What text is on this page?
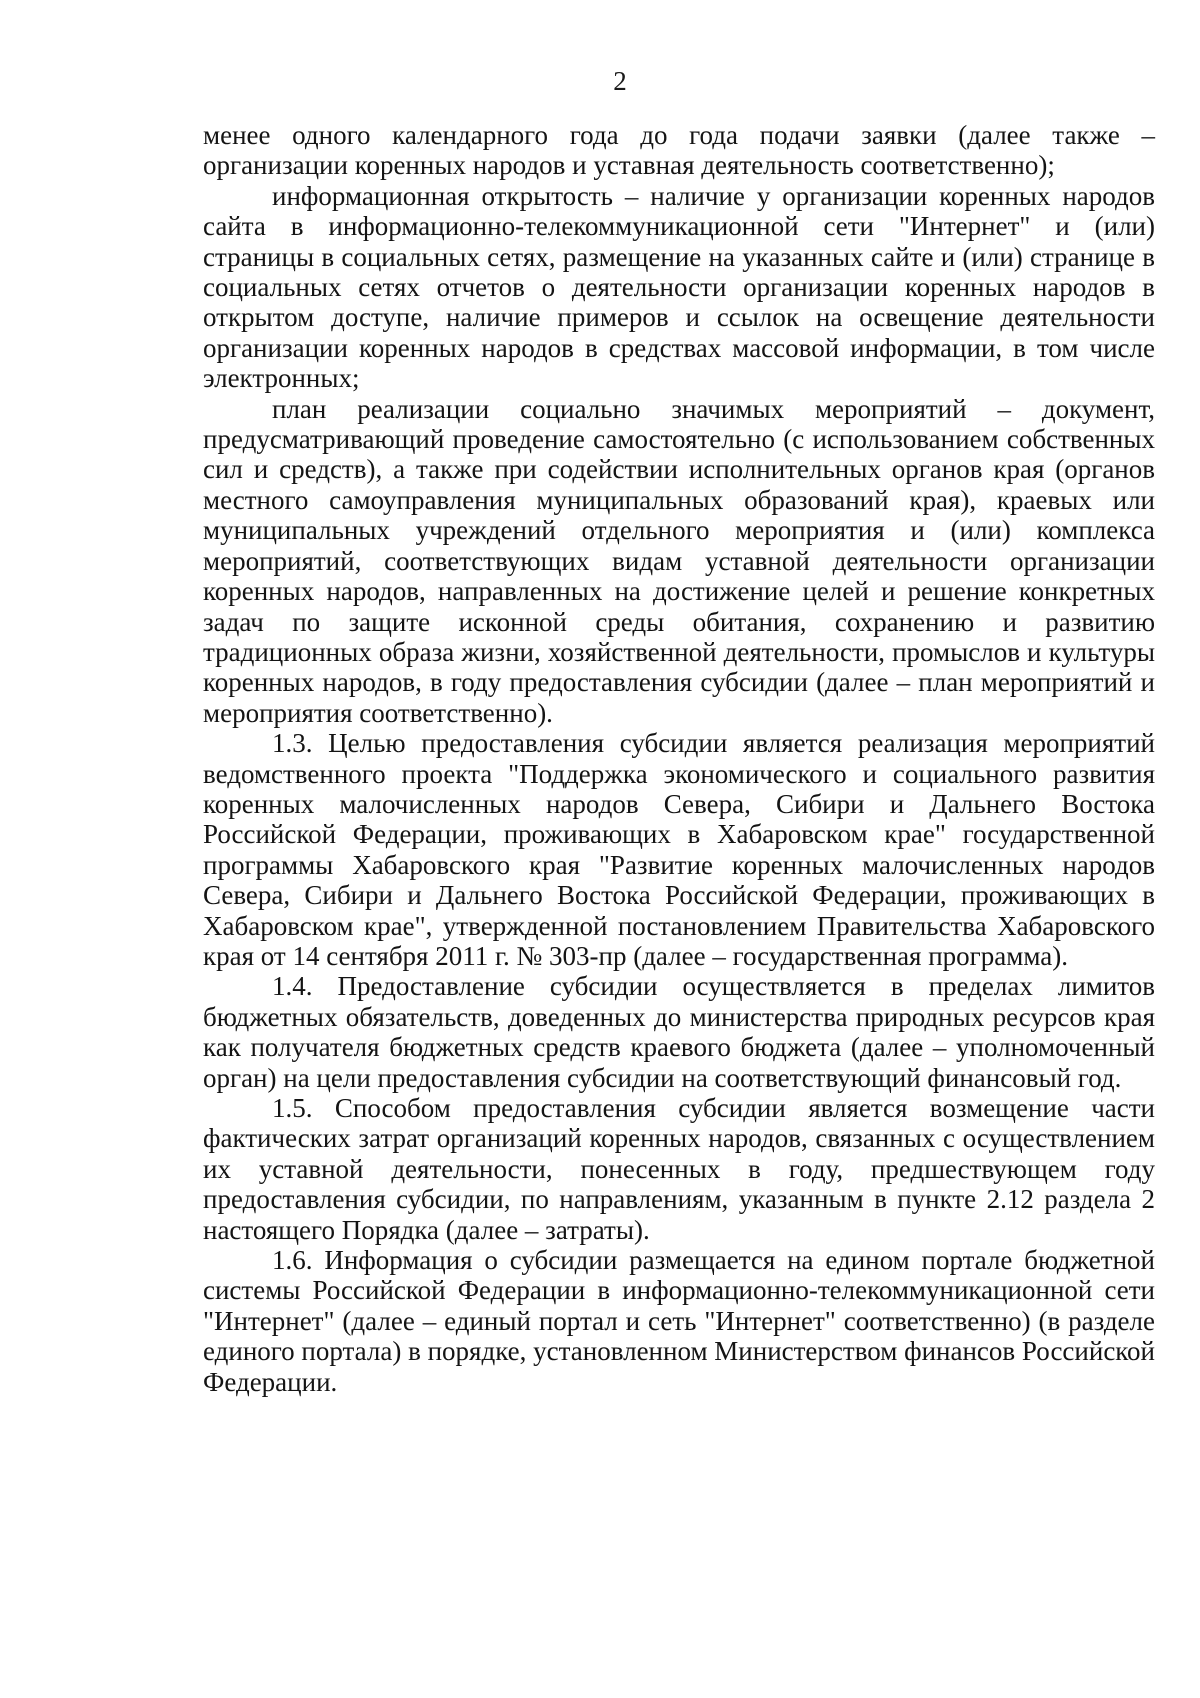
2

менее одного календарного года до года подачи заявки (далее также – организации коренных народов и уставная деятельность соответственно);

информационная открытость – наличие у организации коренных народов сайта в информационно-телекоммуникационной сети "Интернет" и (или) страницы в социальных сетях, размещение на указанных сайте и (или) странице в социальных сетях отчетов о деятельности организации коренных народов в открытом доступе, наличие примеров и ссылок на освещение деятельности организации коренных народов в средствах массовой информации, в том числе электронных;

план реализации социально значимых мероприятий – документ, предусматривающий проведение самостоятельно (с использованием собственных сил и средств), а также при содействии исполнительных органов края (органов местного самоуправления муниципальных образований края), краевых или муниципальных учреждений отдельного мероприятия и (или) комплекса мероприятий, соответствующих видам уставной деятельности организации коренных народов, направленных на достижение целей и решение конкретных задач по защите исконной среды обитания, сохранению и развитию традиционных образа жизни, хозяйственной деятельности, промыслов и культуры коренных народов, в году предоставления субсидии (далее – план мероприятий и мероприятия соответственно).

1.3. Целью предоставления субсидии является реализация мероприятий ведомственного проекта "Поддержка экономического и социального развития коренных малочисленных народов Севера, Сибири и Дальнего Востока Российской Федерации, проживающих в Хабаровском крае" государственной программы Хабаровского края "Развитие коренных малочисленных народов Севера, Сибири и Дальнего Востока Российской Федерации, проживающих в Хабаровском крае", утвержденной постановлением Правительства Хабаровского края от 14 сентября 2011 г. № 303-пр (далее – государственная программа).

1.4. Предоставление субсидии осуществляется в пределах лимитов бюджетных обязательств, доведенных до министерства природных ресурсов края как получателя бюджетных средств краевого бюджета (далее – уполномоченный орган) на цели предоставления субсидии на соответствующий финансовый год.

1.5. Способом предоставления субсидии является возмещение части фактических затрат организаций коренных народов, связанных с осуществлением их уставной деятельности, понесенных в году, предшествующем году предоставления субсидии, по направлениям, указанным в пункте 2.12 раздела 2 настоящего Порядка (далее – затраты).

1.6. Информация о субсидии размещается на едином портале бюджетной системы Российской Федерации в информационно-телекоммуникационной сети "Интернет" (далее – единый портал и сеть "Интернет" соответственно) (в разделе единого портала) в порядке, установленном Министерством финансов Российской Федерации.
